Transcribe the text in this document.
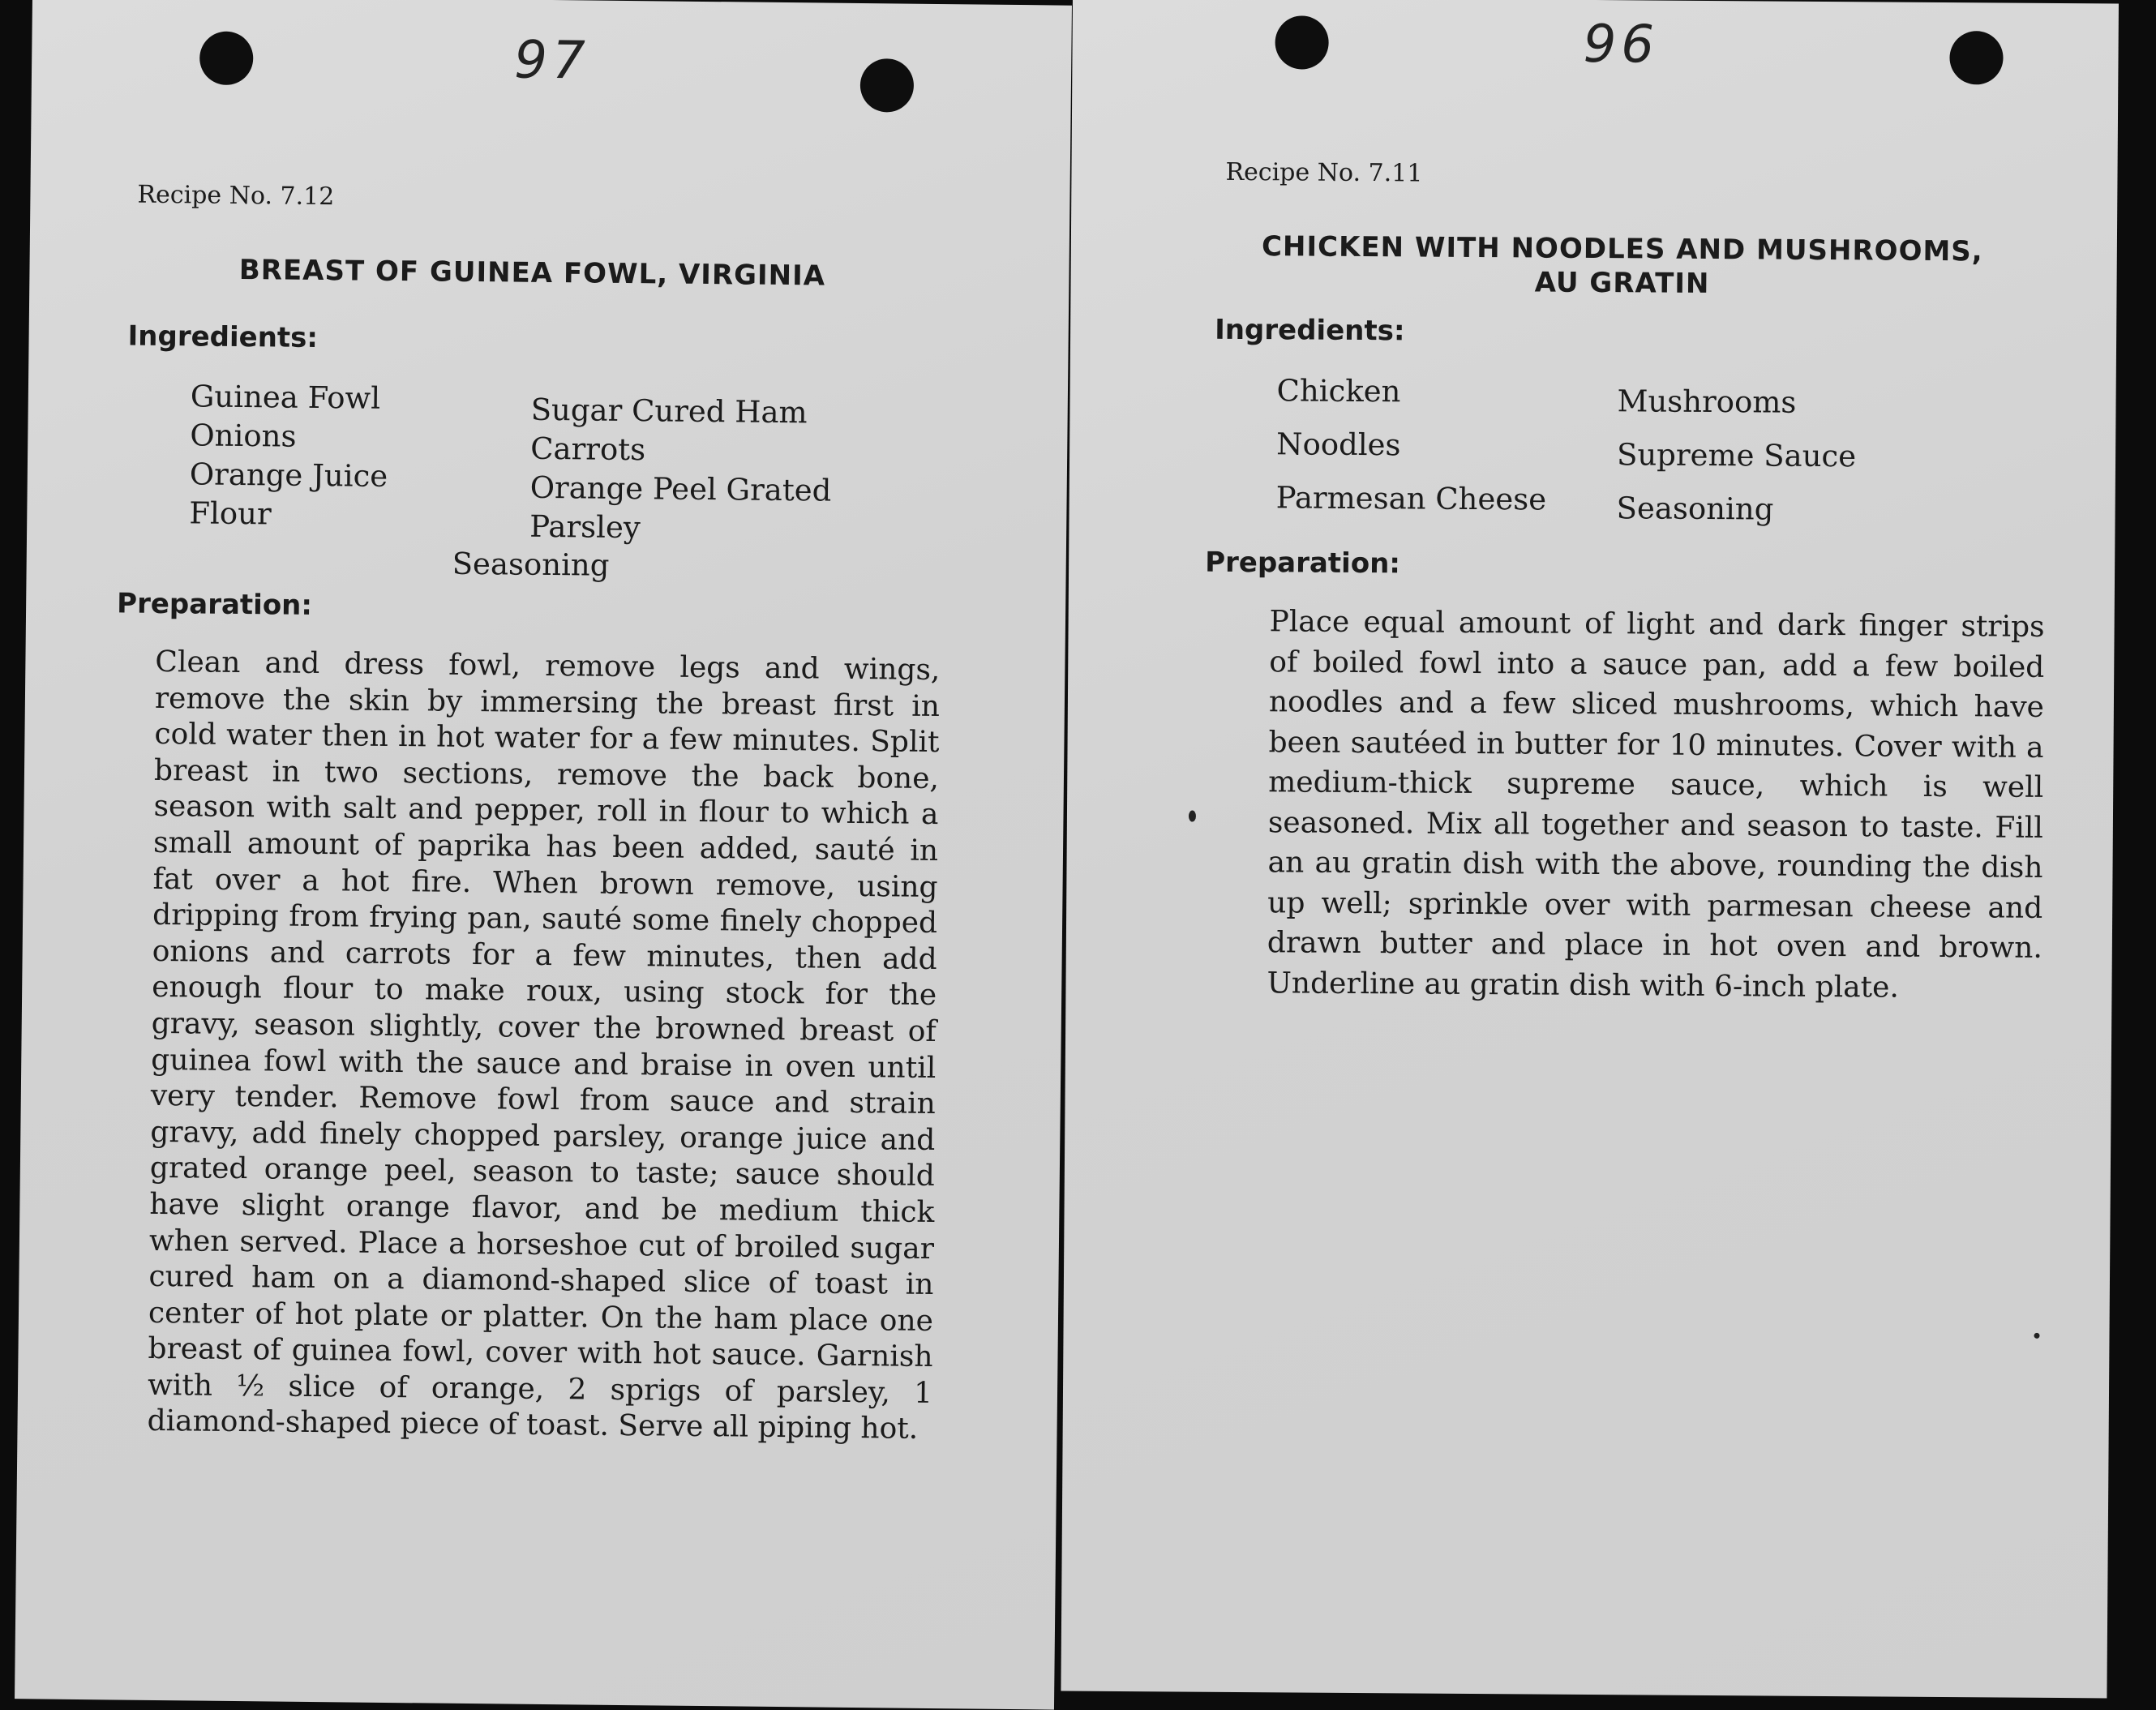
97
Recipe No. 7.12
BREAST OF GUINEA FOWL, VIRGINIA
Ingredients:
Guinea Fowl
Onions
Orange Juice
Flour
Sugar Cured Ham
Carrots
Orange Peel Grated
Parsley
Seasoning
Preparation:
Clean and dress fowl, remove legs and wings, remove the skin by immersing the breast first in cold water then in hot water for a few minutes. Split breast in two sections, remove the back bone, season with salt and pepper, roll in flour to which a small amount of paprika has been added, sauté in fat over a hot fire. When brown remove, using dripping from frying pan, sauté some finely chopped onions and carrots for a few minutes, then add enough flour to make roux, using stock for the gravy, season slightly, cover the browned breast of guinea fowl with the sauce and braise in oven until very tender. Remove fowl from sauce and strain gravy, add finely chopped parsley, orange juice and grated orange peel, season to taste; sauce should have slight orange flavor, and be medium thick when served. Place a horseshoe cut of broiled sugar cured ham on a diamond-shaped slice of toast in center of hot plate or platter. On the ham place one breast of guinea fowl, cover with hot sauce. Garnish with ½ slice of orange, 2 sprigs of parsley, 1 diamond-shaped piece of toast. Serve all piping hot.
96
Recipe No. 7.11
CHICKEN WITH NOODLES AND MUSHROOMS,
AU GRATIN
Ingredients:
Chicken
Noodles
Parmesan Cheese
Mushrooms
Supreme Sauce
Seasoning
Preparation:
Place equal amount of light and dark finger strips of boiled fowl into a sauce pan, add a few boiled noodles and a few sliced mushrooms, which have been sautéed in butter for 10 minutes. Cover with a medium-thick supreme sauce, which is well seasoned. Mix all together and season to taste. Fill an au gratin dish with the above, rounding the dish up well; sprinkle over with parmesan cheese and drawn butter and place in hot oven and brown. Underline au gratin dish with 6-inch plate.
